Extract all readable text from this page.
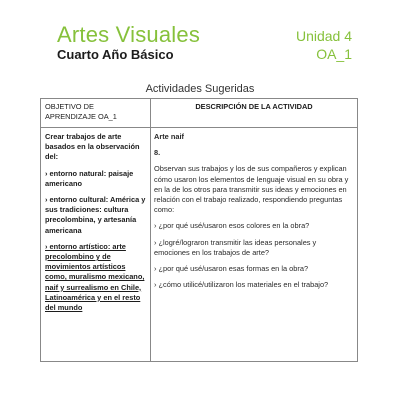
Artes Visuales
Cuarto Año Básico
Unidad 4
OA_1
Actividades Sugeridas
OBJETIVO DE APRENDIZAJE OA_1
DESCRIPCIÓN DE LA ACTIVIDAD

Crear trabajos de arte basados en la observación del:

› entorno natural: paisaje americano

› entorno cultural: América y sus tradiciones: cultura precolombina, y artesanía americana

› entorno artístico: arte precolombino y de movimientos artísticos como, muralismo mexicano, naif y surrealismo en Chile, Latinoamérica y en el resto del mundo

Arte naif

8.

Observan sus trabajos y los de sus compañeros y explican cómo usaron los elementos de lenguaje visual en su obra y en la de los otros para transmitir sus ideas y emociones en relación con el trabajo realizado, respondiendo preguntas como:

› ¿por qué usé/usaron esos colores en la obra?

› ¿logré/lograron transmitir las ideas personales y emociones en los trabajos de arte?

› ¿por qué usé/usaron esas formas en la obra?

› ¿cómo utilicé/utilizaron los materiales en el trabajo?
